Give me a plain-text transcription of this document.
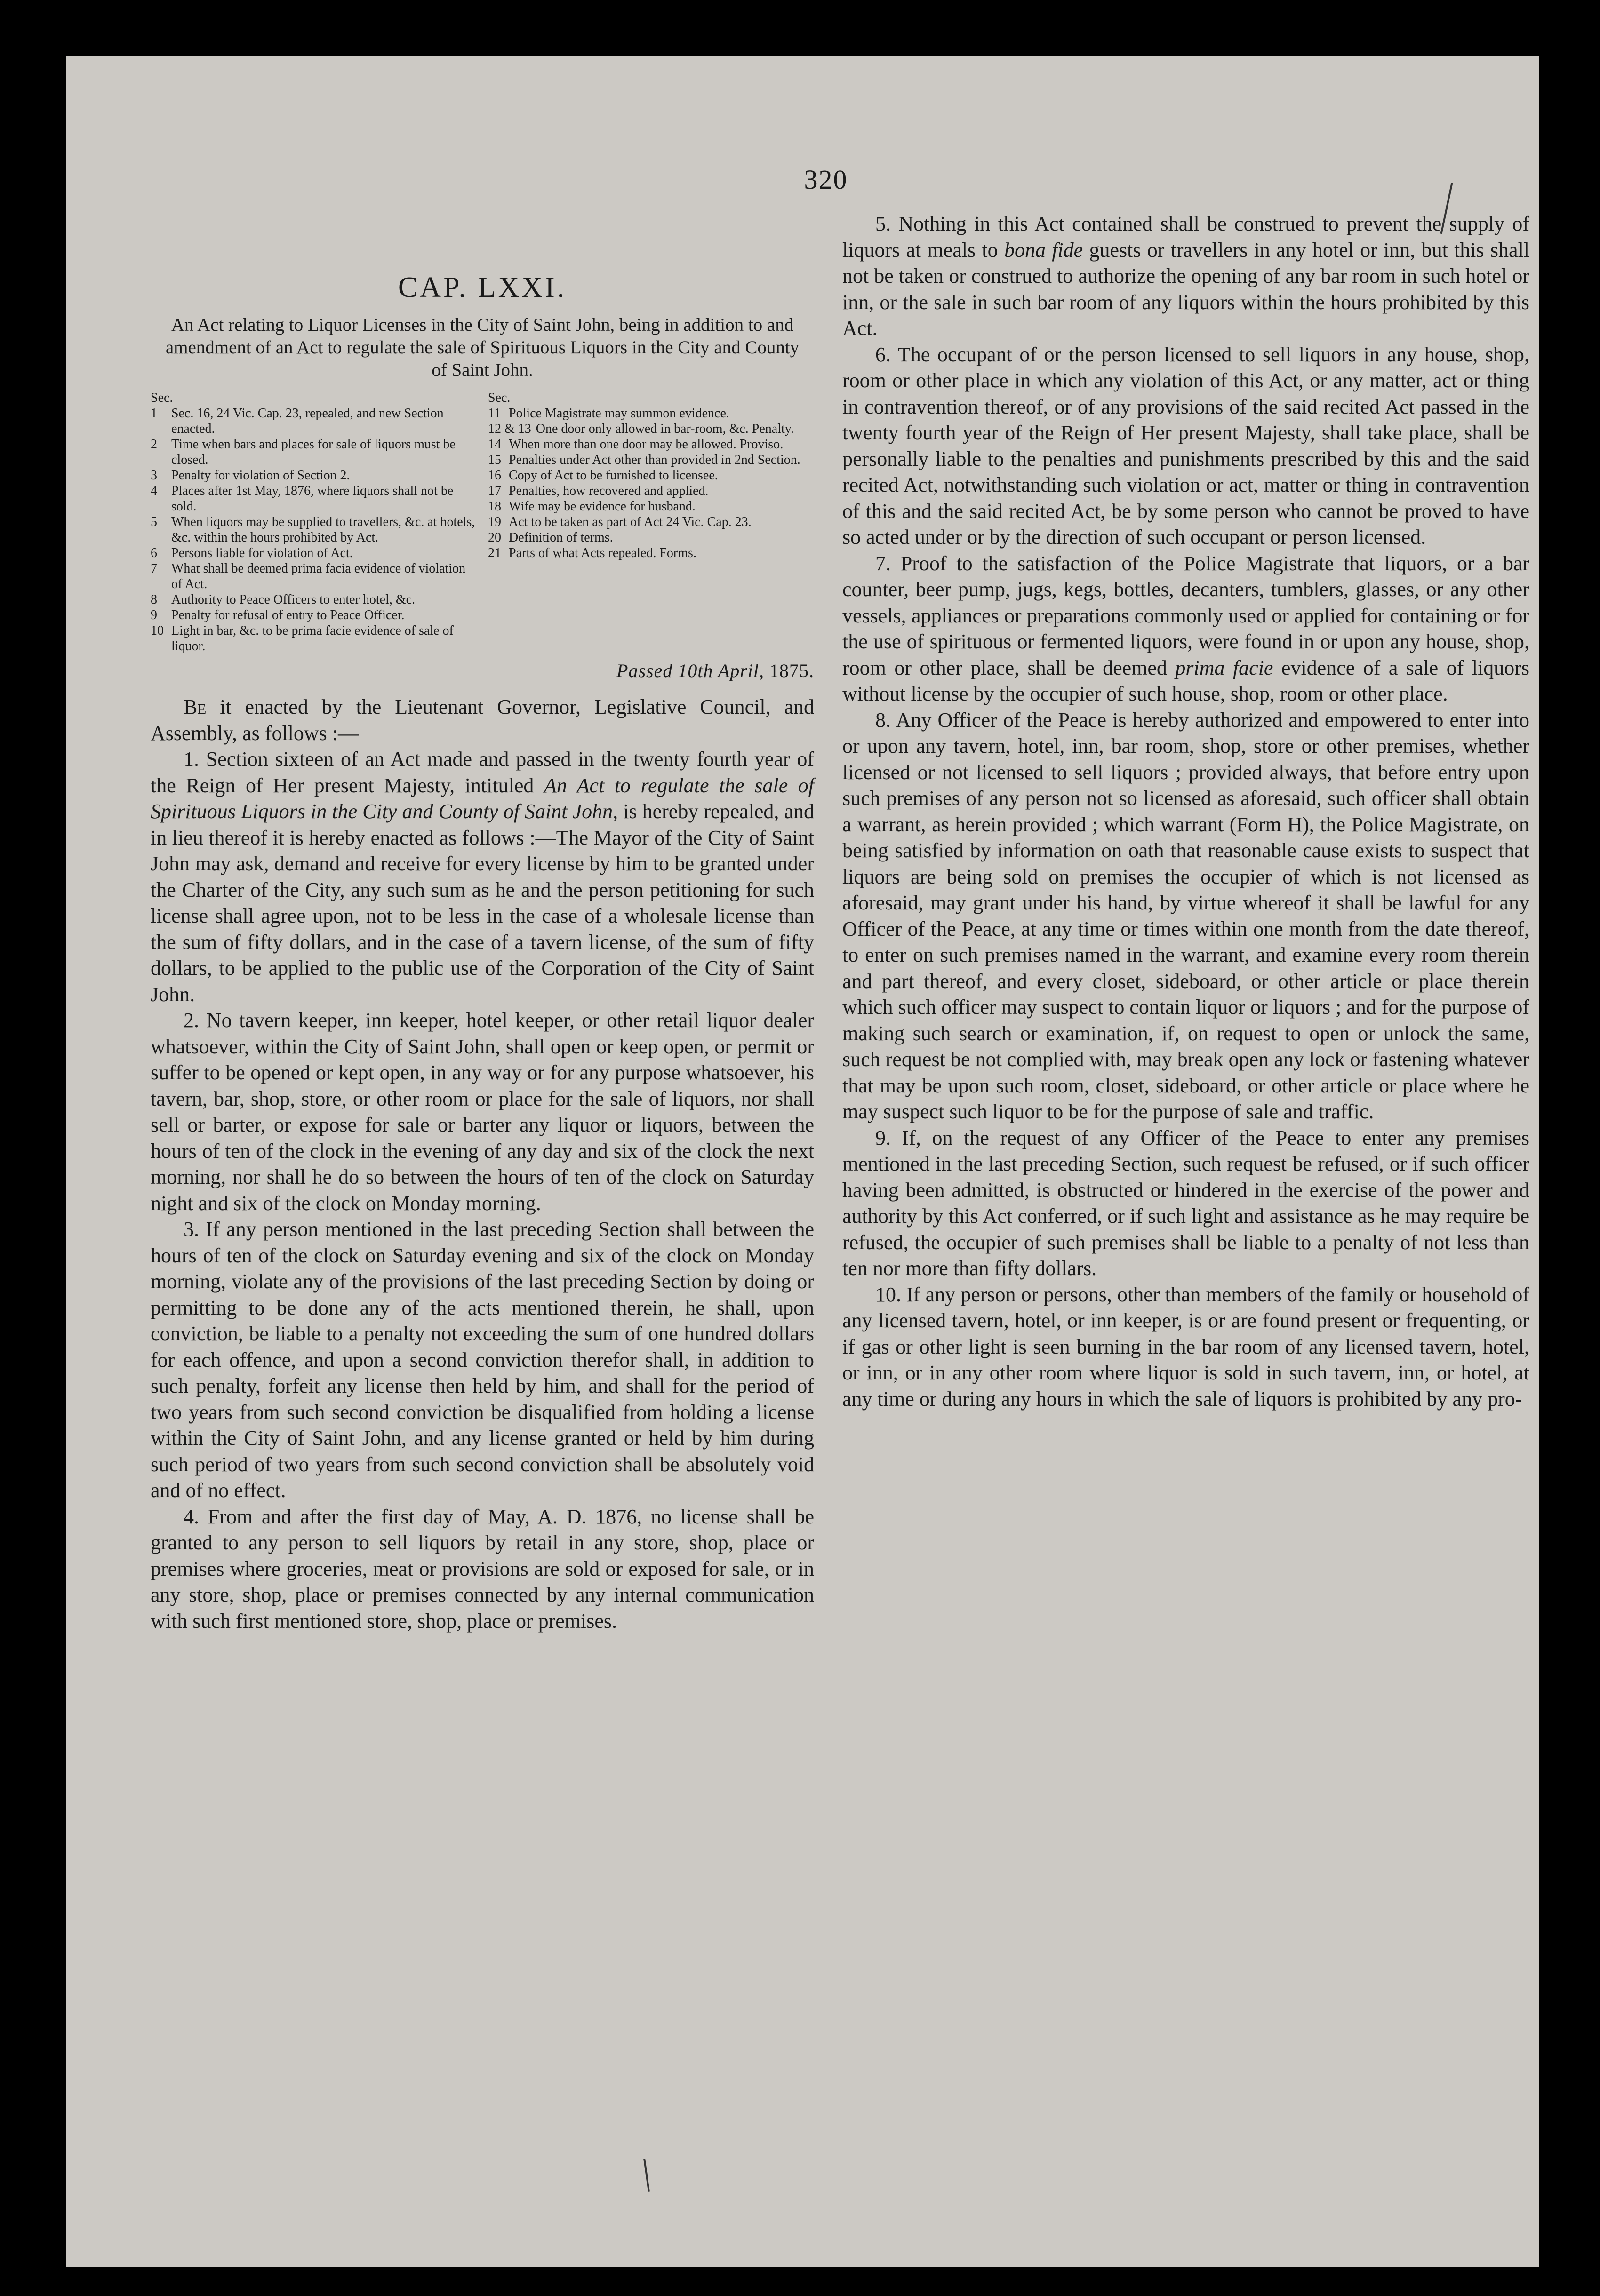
320
CAP. LXXI.
An Act relating to Liquor Licenses in the City of Saint John, being in addition to and amendment of an Act to regulate the sale of Spirituous Liquors in the City and County of Saint John.
Sec.
1	Sec. 16, 24 Vic. Cap. 23, repealed, and new Section enacted.
2	Time when bars and places for sale of liquors must be closed.
3	Penalty for violation of Section 2.
4	Places after 1st May, 1876, where liquors shall not be sold.
5	When liquors may be supplied to travellers, &c. at hotels, &c. within the hours prohibited by Act.
6	Persons liable for violation of Act.
7	What shall be deemed prima facia evidence of violation of Act.
8	Authority to Peace Officers to enter hotel, &c.
9	Penalty for refusal of entry to Peace Officer.
10 Light in bar, &c. to be prima facie evidence of sale of liquor.
Sec.
11 Police Magistrate may summon evidence.
12 & 13 One door only allowed in bar-room, &c. Penalty.
14 When more than one door may be allowed. Proviso.
15 Penalties under Act other than provided in 2nd Section.
16 Copy of Act to be furnished to licensee.
17 Penalties, how recovered and applied.
18 Wife may be evidence for husband.
19 Act to be taken as part of Act 24 Vic. Cap. 23.
20 Definition of terms.
21 Parts of what Acts repealed. Forms.
Passed 10th April, 1875.

Be it enacted by the Lieutenant Governor, Legislative Council, and Assembly, as follows :—

1. Section sixteen of an Act made and passed in the twenty fourth year of the Reign of Her present Majesty, intituled An Act to regulate the sale of Spirituous Liquors in the City and County of Saint John, is hereby repealed, and in lieu thereof it is hereby enacted as follows :—The Mayor of the City of Saint John may ask, demand and receive for every license by him to be granted under the Charter of the City, any such sum as he and the person petitioning for such license shall agree upon, not to be less in the case of a wholesale license than the sum of fifty dollars, and in the case of a tavern license, of the sum of fifty dollars, to be applied to the public use of the Corporation of the City of Saint John.

2. No tavern keeper, inn keeper, hotel keeper, or other retail liquor dealer whatsoever, within the City of Saint John, shall open or keep open, or permit or suffer to be opened or kept open, in any way or for any purpose whatsoever, his tavern, bar, shop, store, or other room or place for the sale of liquors, nor shall sell or barter, or expose for sale or barter any liquor or liquors, between the hours of ten of the clock in the evening of any day and six of the clock the next morning, nor shall he do so between the hours of ten of the clock on Saturday night and six of the clock on Monday morning.

3. If any person mentioned in the last preceding Section shall between the hours of ten of the clock on Saturday evening and six of the clock on Monday morning, violate any of the provisions of the last preceding Section by doing or permitting to be done any of the acts mentioned therein, he shall, upon conviction, be liable to a penalty not exceeding the sum of one hundred dollars for each offence, and upon a second conviction therefor shall, in addition to such penalty, forfeit any license then held by him, and shall for the period of two years from such second conviction be disqualified from holding a license within the City of Saint John, and any license granted or held by him during such period of two years from such second conviction shall be absolutely void and of no effect.

4. From and after the first day of May, A. D. 1876, no license shall be granted to any person to sell liquors by retail in any store, shop, place or premises where groceries, meat or provisions are sold or exposed for sale, or in any store, shop, place or premises connected by any internal communication with such first mentioned store, shop, place or premises.

5. Nothing in this Act contained shall be construed to prevent the supply of liquors at meals to bona fide guests or travellers in any hotel or inn, but this shall not be taken or construed to authorize the opening of any bar room in such hotel or inn, or the sale in such bar room of any liquors within the hours prohibited by this Act.

6. The occupant of or the person licensed to sell liquors in any house, shop, room or other place in which any violation of this Act, or any matter, act or thing in contravention thereof, or of any provisions of the said recited Act passed in the twenty fourth year of the Reign of Her present Majesty, shall take place, shall be personally liable to the penalties and punishments prescribed by this and the said recited Act, notwithstanding such violation or act, matter or thing in contravention of this and the said recited Act, be by some person who cannot be proved to have so acted under or by the direction of such occupant or person licensed.

7. Proof to the satisfaction of the Police Magistrate that liquors, or a bar counter, beer pump, jugs, kegs, bottles, decanters, tumblers, glasses, or any other vessels, appliances or preparations commonly used or applied for containing or for the use of spirituous or fermented liquors, were found in or upon any house, shop, room or other place, shall be deemed prima facie evidence of a sale of liquors without license by the occupier of such house, shop, room or other place.

8. Any Officer of the Peace is hereby authorized and empowered to enter into or upon any tavern, hotel, inn, bar room, shop, store or other premises, whether licensed or not licensed to sell liquors ; provided always, that before entry upon such premises of any person not so licensed as aforesaid, such officer shall obtain a warrant, as herein provided ; which warrant (Form H), the Police Magistrate, on being satisfied by information on oath that reasonable cause exists to suspect that liquors are being sold on premises the occupier of which is not licensed as aforesaid, may grant under his hand, by virtue whereof it shall be lawful for any Officer of the Peace, at any time or times within one month from the date thereof, to enter on such premises named in the warrant, and examine every room therein and part thereof, and every closet, sideboard, or other article or place therein which such officer may suspect to contain liquor or liquors ; and for the purpose of making such search or examination, if, on request to open or unlock the same, such request be not complied with, may break open any lock or fastening whatever that may be upon such room, closet, sideboard, or other article or place where he may suspect such liquor to be for the purpose of sale and traffic.

9. If, on the request of any Officer of the Peace to enter any premises mentioned in the last preceding Section, such request be refused, or if such officer having been admitted, is obstructed or hindered in the exercise of the power and authority by this Act conferred, or if such light and assistance as he may require be refused, the occupier of such premises shall be liable to a penalty of not less than ten nor more than fifty dollars.

10. If any person or persons, other than members of the family or household of any licensed tavern, hotel, or inn keeper, is or are found present or frequenting, or if gas or other light is seen burning in the bar room of any licensed tavern, hotel, or inn, or in any other room where liquor is sold in such tavern, inn, or hotel, at any time or during any hours in which the sale of liquors is prohibited by any pro-
